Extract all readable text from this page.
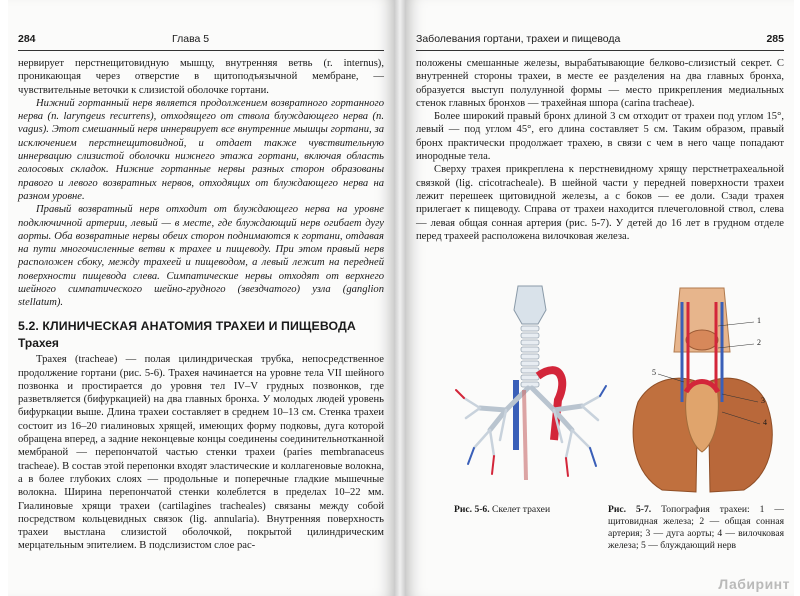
284	Глава 5

нервирует перстнещитовидную мышцу, внутренняя ветвь (r. internus), проникающая через отверстие в щитоподъязычной мембране, — чувствительные веточки к слизистой оболочке гортани.

Нижний гортанный нерв является продолжением возвратного гортанного нерва (n. laryngeus recurrens), отходящего от ствола блуждающего нерва (n. vagus). Этот смешанный нерв иннервирует все внутренние мышцы гортани, за исключением перстнещитовидной, и отдает также чувствительную иннервацию слизистой оболочки нижнего этажа гортани, включая область голосовых складок. Нижние гортанные нервы разных сторон образованы правого и левого возвратных нервов, отходящих от блуждающего нерва на разном уровне.

Правый возвратный нерв отходит от блуждающего нерва на уровне подключичной артерии, левый — в месте, где блуждающий нерв огибает дугу аорты. Оба возвратные нервы обеих сторон поднимаются к гортани, отдавая на пути многочисленные ветви к трахее и пищеводу. При этом правый нерв расположен сбоку, между трахеей и пищеводом, а левый лежит на передней поверхности пищевода слева. Симпатические нервы отходят от верхнего шейного симпатического шейно-грудного (звездчатого) узла (ganglion stellatum).

5.2. КЛИНИЧЕСКАЯ АНАТОМИЯ ТРАХЕИ И ПИЩЕВОДА
Трахея

Трахея (tracheae) — полая цилиндрическая трубка, непосредственное продолжение гортани (рис. 5-6). Трахея начинается на уровне тела VII шейного позвонка и простирается до уровня тел IV–V грудных позвонков, где разветвляется (бифуркацией) на два главных бронха. У молодых людей уровень бифуркации выше. Длина трахеи составляет в среднем 10–13 см. Стенка трахеи состоит из 16–20 гиалиновых хрящей, имеющих форму подковы, дуга которой обращена вперед, а задние неконцевые концы соединены соединительнотканной мембраной — перепончатой частью стенки трахеи (paries membranaceus tracheae). В состав этой перепонки входят эластические и коллагеновые волокна, а в более глубоких слоях — продольные и поперечные гладкие мышечные волокна. Ширина перепончатой стенки колеблется в пределах 10–22 мм. Гиалиновые хрящи трахеи (cartilagines tracheales) связаны между собой посредством кольцевидных связок (lig. annularia). Внутренняя поверхность трахеи выстлана слизистой оболочкой, покрытой цилиндрическим мерцательным эпителием. В подслизистом слое рас-

Заболевания гортани, трахеи и пищевода	285

положены смешанные железы, вырабатывающие белково-слизистый секрет. С внутренней стороны трахеи, в месте ее разделения на два главных бронха, образуется выступ полулунной формы — место прикрепления медиальных стенок главных бронхов — трахейная шпора (carina tracheae).

Более широкий правый бронх длиной 3 см отходит от трахеи под углом 15°, левый — под углом 45°, его длина составляет 5 см. Таким образом, правый бронх практически продолжает трахею, в связи с чем в него чаще попадают инородные тела.

Сверху трахея прикреплена к перстневидному хрящу перстнетрахеальной связкой (lig. cricotracheale). В шейной части у передней поверхности трахеи лежит перешеек щитовидной железы, а с боков — ее доли. Сзади трахея прилегает к пищеводу. Справа от трахеи находится плечеголовной ствол, слева — левая общая сонная артерия (рис. 5-7). У детей до 16 лет в грудном отделе перед трахеей расположена вилочковая железа.

Рис. 5-6. Скелет трахеи
1
2
5
3
4
Рис. 5-7. Топография трахеи: 1 — щитовидная железа; 2 — общая сонная артерия; 3 — дуга аорты; 4 — вилочковая железа; 5 — блуждающий нерв
Лабиринт
